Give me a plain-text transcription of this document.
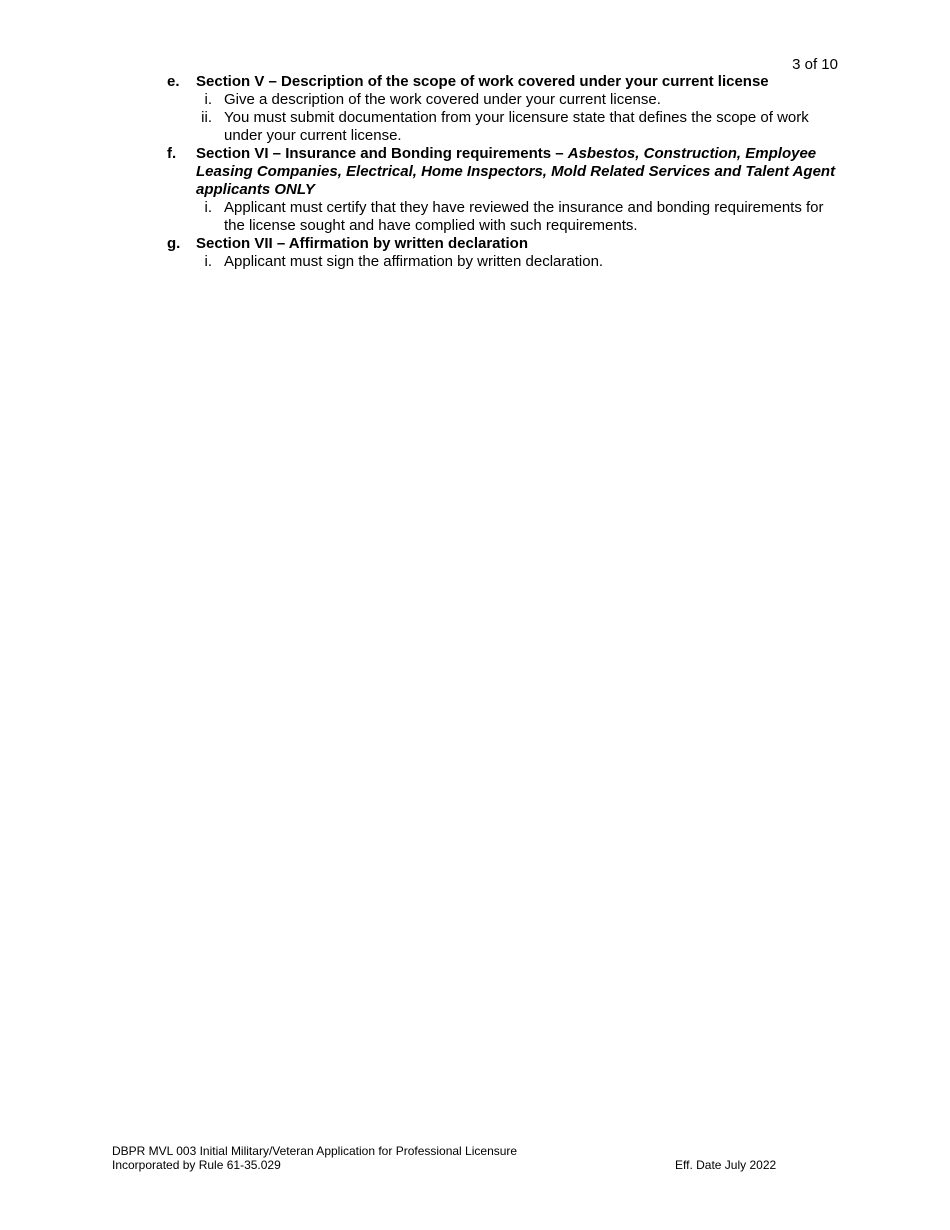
3 of 10
e. Section V – Description of the scope of work covered under your current license
i. Give a description of the work covered under your current license.
ii. You must submit documentation from your licensure state that defines the scope of work under your current license.
f. Section VI – Insurance and Bonding requirements – Asbestos, Construction, Employee Leasing Companies, Electrical, Home Inspectors, Mold Related Services and Talent Agent applicants ONLY
i. Applicant must certify that they have reviewed the insurance and bonding requirements for the license sought and have complied with such requirements.
g. Section VII – Affirmation by written declaration
i. Applicant must sign the affirmation by written declaration.
DBPR MVL 003 Initial Military/Veteran Application for Professional Licensure
Incorporated by Rule 61-35.029	Eff. Date July 2022
